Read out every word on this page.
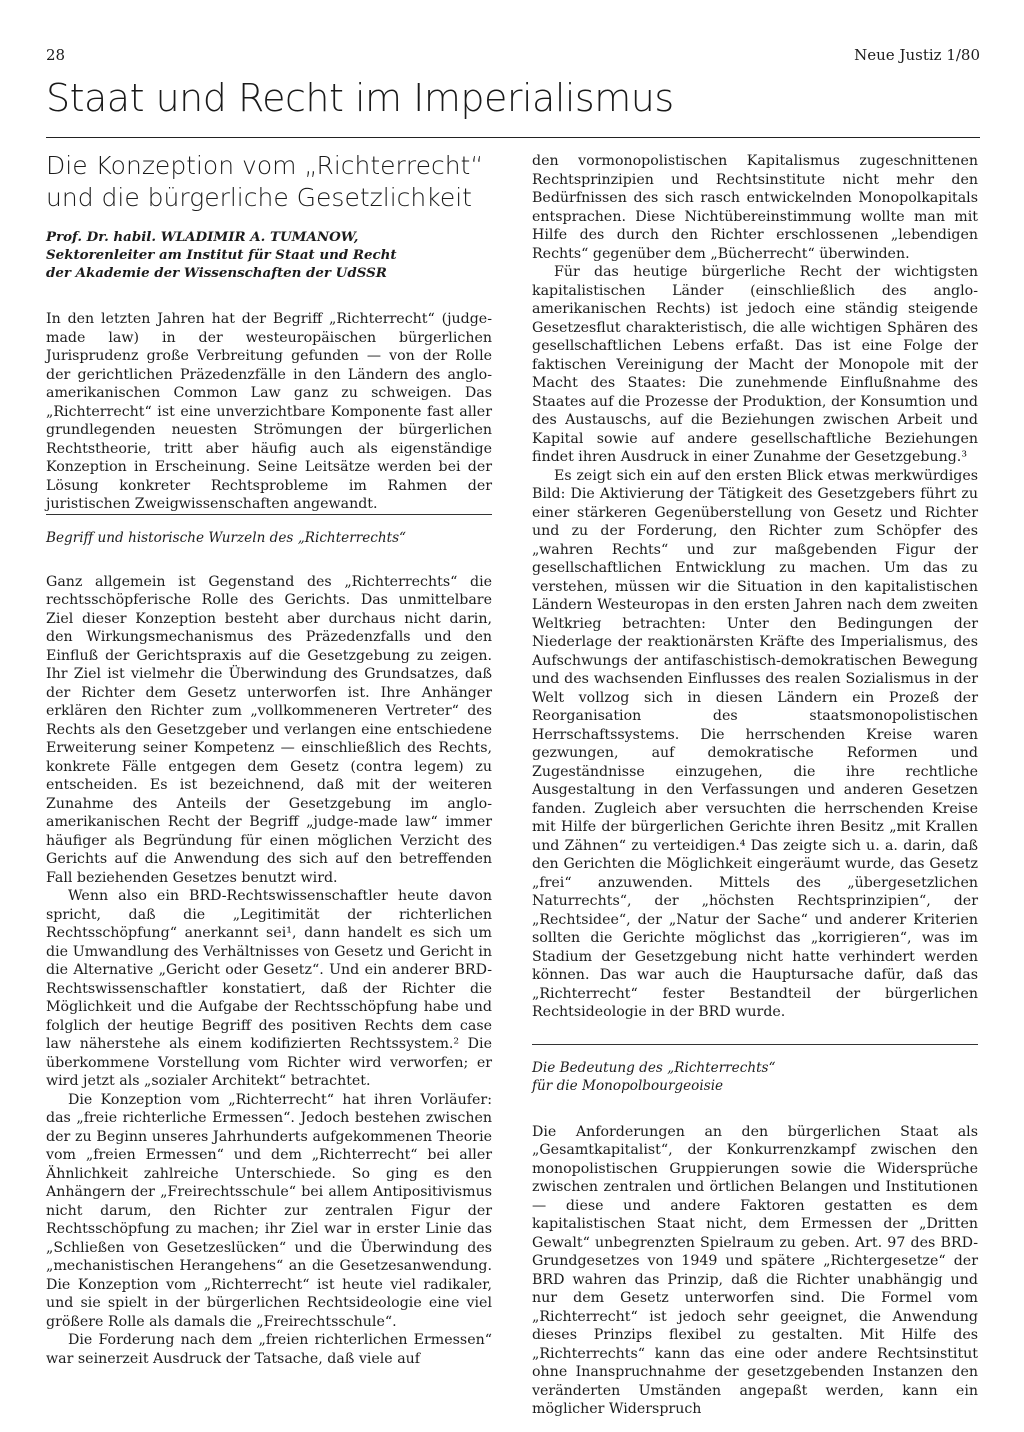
28	Neue Justiz 1/80
Staat und Recht im Imperialismus
Die Konzeption vom „Richterrecht“
und die bürgerliche Gesetzlichkeit
Prof. Dr. habil. WLADIMIR A. TUMANOW,
Sektorenleiter am Institut für Staat und Recht
der Akademie der Wissenschaften der UdSSR

In den letzten Jahren hat der Begriff „Richterrecht“ (judge-made law) in der westeuropäischen bürgerlichen Jurisprudenz große Verbreitung gefunden — von der Rolle der gerichtlichen Präzedenzfälle in den Ländern des anglo-amerikanischen Common Law ganz zu schweigen. Das „Richterrecht“ ist eine unverzichtbare Komponente fast aller grundlegenden neuesten Strömungen der bürgerlichen Rechtstheorie, tritt aber häufig auch als eigenständige Konzeption in Erscheinung. Seine Leitsätze werden bei der Lösung konkreter Rechtsprobleme im Rahmen der juristischen Zweigwissenschaften angewandt.

Begriff und historische Wurzeln des „Richterrechts“

Ganz allgemein ist Gegenstand des „Richterrechts“ die rechtsschöpferische Rolle des Gerichts. Das unmittelbare Ziel dieser Konzeption besteht aber durchaus nicht darin, den Wirkungsmechanismus des Präzedenzfalls und den Einfluß der Gerichtspraxis auf die Gesetzgebung zu zeigen. Ihr Ziel ist vielmehr die Überwindung des Grundsatzes, daß der Richter dem Gesetz unterworfen ist. Ihre Anhänger erklären den Richter zum „vollkommeneren Vertreter“ des Rechts als den Gesetzgeber und verlangen eine entschiedene Erweiterung seiner Kompetenz — einschließlich des Rechts, konkrete Fälle entgegen dem Gesetz (contra legem) zu entscheiden. Es ist bezeichnend, daß mit der weiteren Zunahme des Anteils der Gesetzgebung im anglo-amerikanischen Recht der Begriff „judge-made law“ immer häufiger als Begründung für einen möglichen Verzicht des Gerichts auf die Anwendung des sich auf den betreffenden Fall beziehenden Gesetzes benutzt wird.

Wenn also ein BRD-Rechtswissenschaftler heute davon spricht, daß die „Legitimität der richterlichen Rechtsschöpfung“ anerkannt sei¹, dann handelt es sich um die Umwandlung des Verhältnisses von Gesetz und Gericht in die Alternative „Gericht oder Gesetz“. Und ein anderer BRD-Rechtswissenschaftler konstatiert, daß der Richter die Möglichkeit und die Aufgabe der Rechtsschöpfung habe und folglich der heutige Begriff des positiven Rechts dem case law näherstehe als einem kodifizierten Rechtssystem.² Die überkommene Vorstellung vom Richter wird verworfen; er wird jetzt als „sozialer Architekt“ betrachtet.

Die Konzeption vom „Richterrecht“ hat ihren Vorläufer: das „freie richterliche Ermessen“. Jedoch bestehen zwischen der zu Beginn unseres Jahrhunderts aufgekommenen Theorie vom „freien Ermessen“ und dem „Richterrecht“ bei aller Ähnlichkeit zahlreiche Unterschiede. So ging es den Anhängern der „Freirechtsschule“ bei allem Antipositivismus nicht darum, den Richter zur zentralen Figur der Rechtsschöpfung zu machen; ihr Ziel war in erster Linie das „Schließen von Gesetzeslücken“ und die Überwindung des „mechanistischen Herangehens“ an die Gesetzesanwendung. Die Konzeption vom „Richterrecht“ ist heute viel radikaler, und sie spielt in der bürgerlichen Rechtsideologie eine viel größere Rolle als damals die „Freirechtsschule“.

Die Forderung nach dem „freien richterlichen Ermessen“ war seinerzeit Ausdruck der Tatsache, daß viele auf

den vormonopolistischen Kapitalismus zugeschnittenen Rechtsprinzipien und Rechtsinstitute nicht mehr den Bedürfnissen des sich rasch entwickelnden Monopolkapitals entsprachen. Diese Nichtübereinstimmung wollte man mit Hilfe des durch den Richter erschlossenen „lebendigen Rechts“ gegenüber dem „Bücherrecht“ überwinden.

Für das heutige bürgerliche Recht der wichtigsten kapitalistischen Länder (einschließlich des anglo-amerikanischen Rechts) ist jedoch eine ständig steigende Gesetzesflut charakteristisch, die alle wichtigen Sphären des gesellschaftlichen Lebens erfaßt. Das ist eine Folge der faktischen Vereinigung der Macht der Monopole mit der Macht des Staates: Die zunehmende Einflußnahme des Staates auf die Prozesse der Produktion, der Konsumtion und des Austauschs, auf die Beziehungen zwischen Arbeit und Kapital sowie auf andere gesellschaftliche Beziehungen findet ihren Ausdruck in einer Zunahme der Gesetzgebung.³

Es zeigt sich ein auf den ersten Blick etwas merkwürdiges Bild: Die Aktivierung der Tätigkeit des Gesetzgebers führt zu einer stärkeren Gegenüberstellung von Gesetz und Richter und zu der Forderung, den Richter zum Schöpfer des „wahren Rechts“ und zur maßgebenden Figur der gesellschaftlichen Entwicklung zu machen. Um das zu verstehen, müssen wir die Situation in den kapitalistischen Ländern Westeuropas in den ersten Jahren nach dem zweiten Weltkrieg betrachten: Unter den Bedingungen der Niederlage der reaktionärsten Kräfte des Imperialismus, des Aufschwungs der antifaschistisch-demokratischen Bewegung und des wachsenden Einflusses des realen Sozialismus in der Welt vollzog sich in diesen Ländern ein Prozeß der Reorganisation des staatsmonopolistischen Herrschaftssystems. Die herrschenden Kreise waren gezwungen, auf demokratische Reformen und Zugeständnisse einzugehen, die ihre rechtliche Ausgestaltung in den Verfassungen und anderen Gesetzen fanden. Zugleich aber versuchten die herrschenden Kreise mit Hilfe der bürgerlichen Gerichte ihren Besitz „mit Krallen und Zähnen“ zu verteidigen.⁴ Das zeigte sich u. a. darin, daß den Gerichten die Möglichkeit eingeräumt wurde, das Gesetz „frei“ anzuwenden. Mittels des „übergesetzlichen Naturrechts“, der „höchsten Rechtsprinzipien“, der „Rechtsidee“, der „Natur der Sache“ und anderer Kriterien sollten die Gerichte möglichst das „korrigieren“, was im Stadium der Gesetzgebung nicht hatte verhindert werden können. Das war auch die Hauptursache dafür, daß das „Richterrecht“ fester Bestandteil der bürgerlichen Rechtsideologie in der BRD wurde.

Die Bedeutung des „Richterrechts“
für die Monopolbourgeoisie

Die Anforderungen an den bürgerlichen Staat als „Gesamtkapitalist“, der Konkurrenzkampf zwischen den monopolistischen Gruppierungen sowie die Widersprüche zwischen zentralen und örtlichen Belangen und Institutionen — diese und andere Faktoren gestatten es dem kapitalistischen Staat nicht, dem Ermessen der „Dritten Gewalt“ unbegrenzten Spielraum zu geben. Art. 97 des BRD-Grundgesetzes von 1949 und spätere „Richtergesetze“ der BRD wahren das Prinzip, daß die Richter unabhängig und nur dem Gesetz unterworfen sind. Die Formel vom „Richterrecht“ ist jedoch sehr geeignet, die Anwendung dieses Prinzips flexibel zu gestalten. Mit Hilfe des „Richterrechts“ kann das eine oder andere Rechtsinstitut ohne Inanspruchnahme der gesetzgebenden Instanzen den veränderten Umständen angepaßt werden, kann ein möglicher Widerspruch
